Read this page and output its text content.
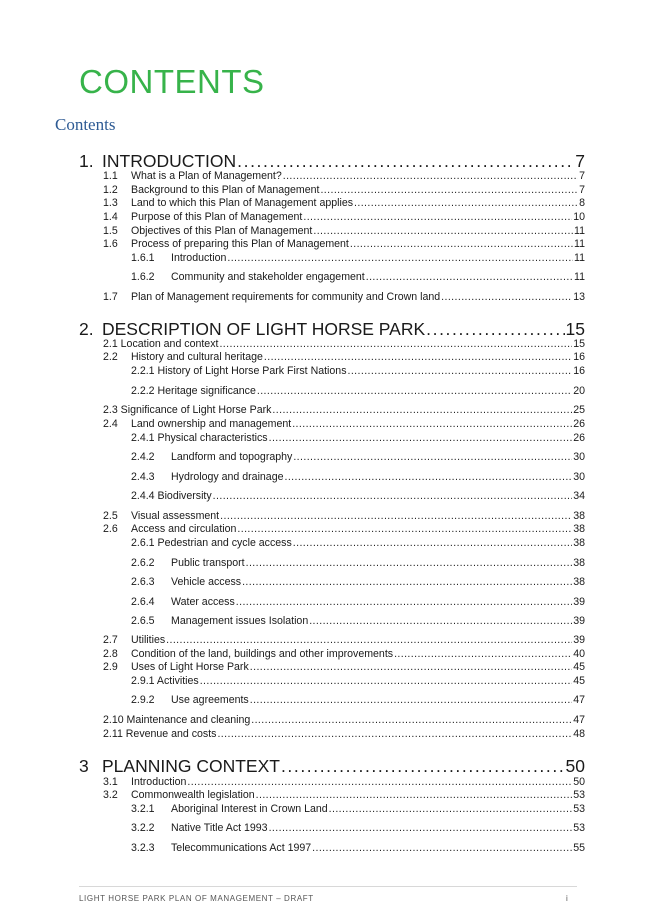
CONTENTS
Contents
1. INTRODUCTION .....	7
1.1	What is a Plan of Management? .....	7
1.2	Background to this Plan of Management .....	7
1.3	Land to which this Plan of Management applies .....	8
1.4	Purpose of this Plan of Management .....	10
1.5	Objectives of this Plan of Management .....	11
1.6	Process of preparing this Plan of Management .....	11
1.6.1	Introduction .....	11
1.6.2	Community and stakeholder engagement .....	11
1.7	Plan of Management requirements for community and Crown land .....	13
2. DESCRIPTION OF LIGHT HORSE PARK .....	15
2.1 Location and context .....	15
2.2	History and cultural heritage .....	16
2.2.1 History of Light Horse Park First Nations .....	16
2.2.2 Heritage significance .....	20
2.3 Significance of Light Horse Park .....	25
2.4	Land ownership and management .....	26
2.4.1 Physical characteristics .....	26
2.4.2	Landform and topography .....	30
2.4.3	Hydrology and drainage .....	30
2.4.4 Biodiversity .....	34
2.5	Visual assessment .....	38
2.6	Access and circulation .....	38
2.6.1 Pedestrian and cycle access .....	38
2.6.2	Public transport .....	38
2.6.3	Vehicle access .....	38
2.6.4	Water access .....	39
2.6.5	Management issues Isolation .....	39
2.7	Utilities .....	39
2.8	Condition of the land, buildings and other improvements .....	40
2.9	Uses of Light Horse Park .....	45
2.9.1 Activities .....	45
2.9.2	Use agreements .....	47
2.10 Maintenance and cleaning .....	47
2.11 Revenue and costs .....	48
3 PLANNING CONTEXT .....	50
3.1	Introduction .....	50
3.2	Commonwealth legislation .....	53
3.2.1	Aboriginal Interest in Crown Land .....	53
3.2.2	Native Title Act 1993 .....	53
3.2.3	Telecommunications Act 1997 .....	55
LIGHT HORSE PARK PLAN OF MANAGEMENT – DRAFT	i
